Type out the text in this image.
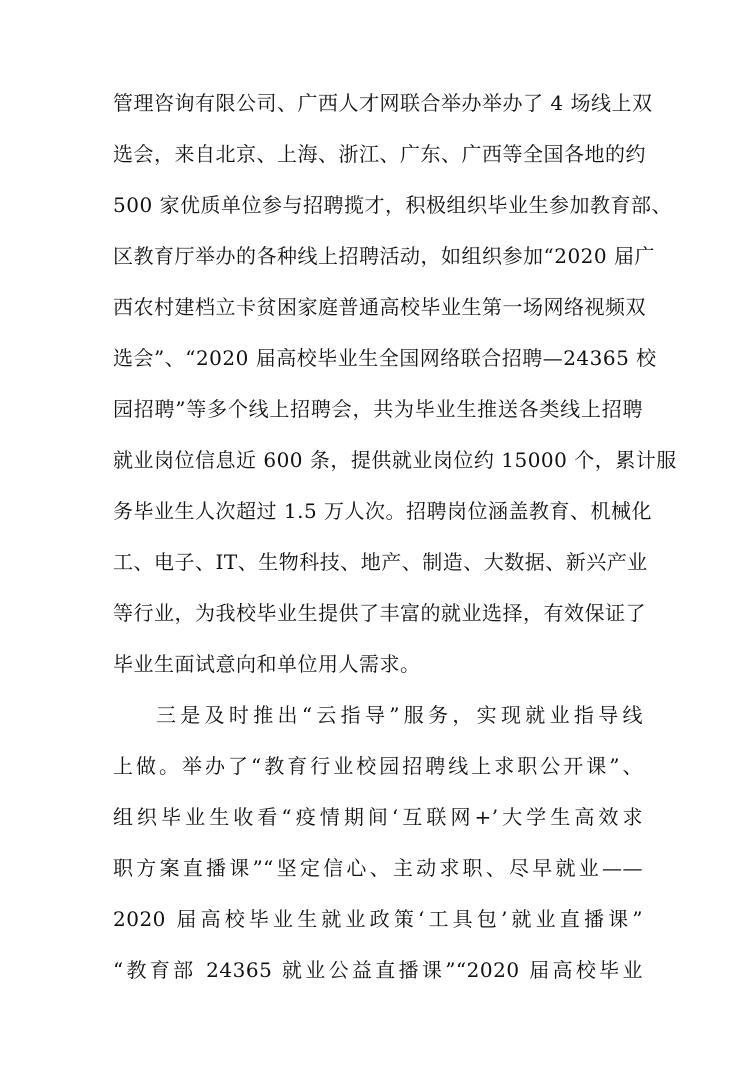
管理咨询有限公司、广西人才网联合举办举办了 4 场线上双
选会，来自北京、上海、浙江、广东、广西等全国各地的约
500 家优质单位参与招聘揽才，积极组织毕业生参加教育部、
区教育厅举办的各种线上招聘活动，如组织参加“2020 届广
西农村建档立卡贫困家庭普通高校毕业生第一场网络视频双
选会”、“2020 届高校毕业生全国网络联合招聘—24365 校
园招聘”等多个线上招聘会，共为毕业生推送各类线上招聘
就业岗位信息近 600 条，提供就业岗位约 15000 个，累计服
务毕业生人次超过 1.5 万人次。招聘岗位涵盖教育、机械化
工、电子、IT、生物科技、地产、制造、大数据、新兴产业
等行业，为我校毕业生提供了丰富的就业选择，有效保证了
毕业生面试意向和单位用人需求。
三是及时推出“云指导”服务，实现就业指导线
上做。举办了“教育行业校园招聘线上求职公开课”、
组织毕业生收看“疫情期间‘互联网+’大学生高效求
职方案直播课”“坚定信心、主动求职、尽早就业——
2020 届高校毕业生就业政策‘工具包’就业直播课”
“教育部 24365 就业公益直播课”“2020 届高校毕业
